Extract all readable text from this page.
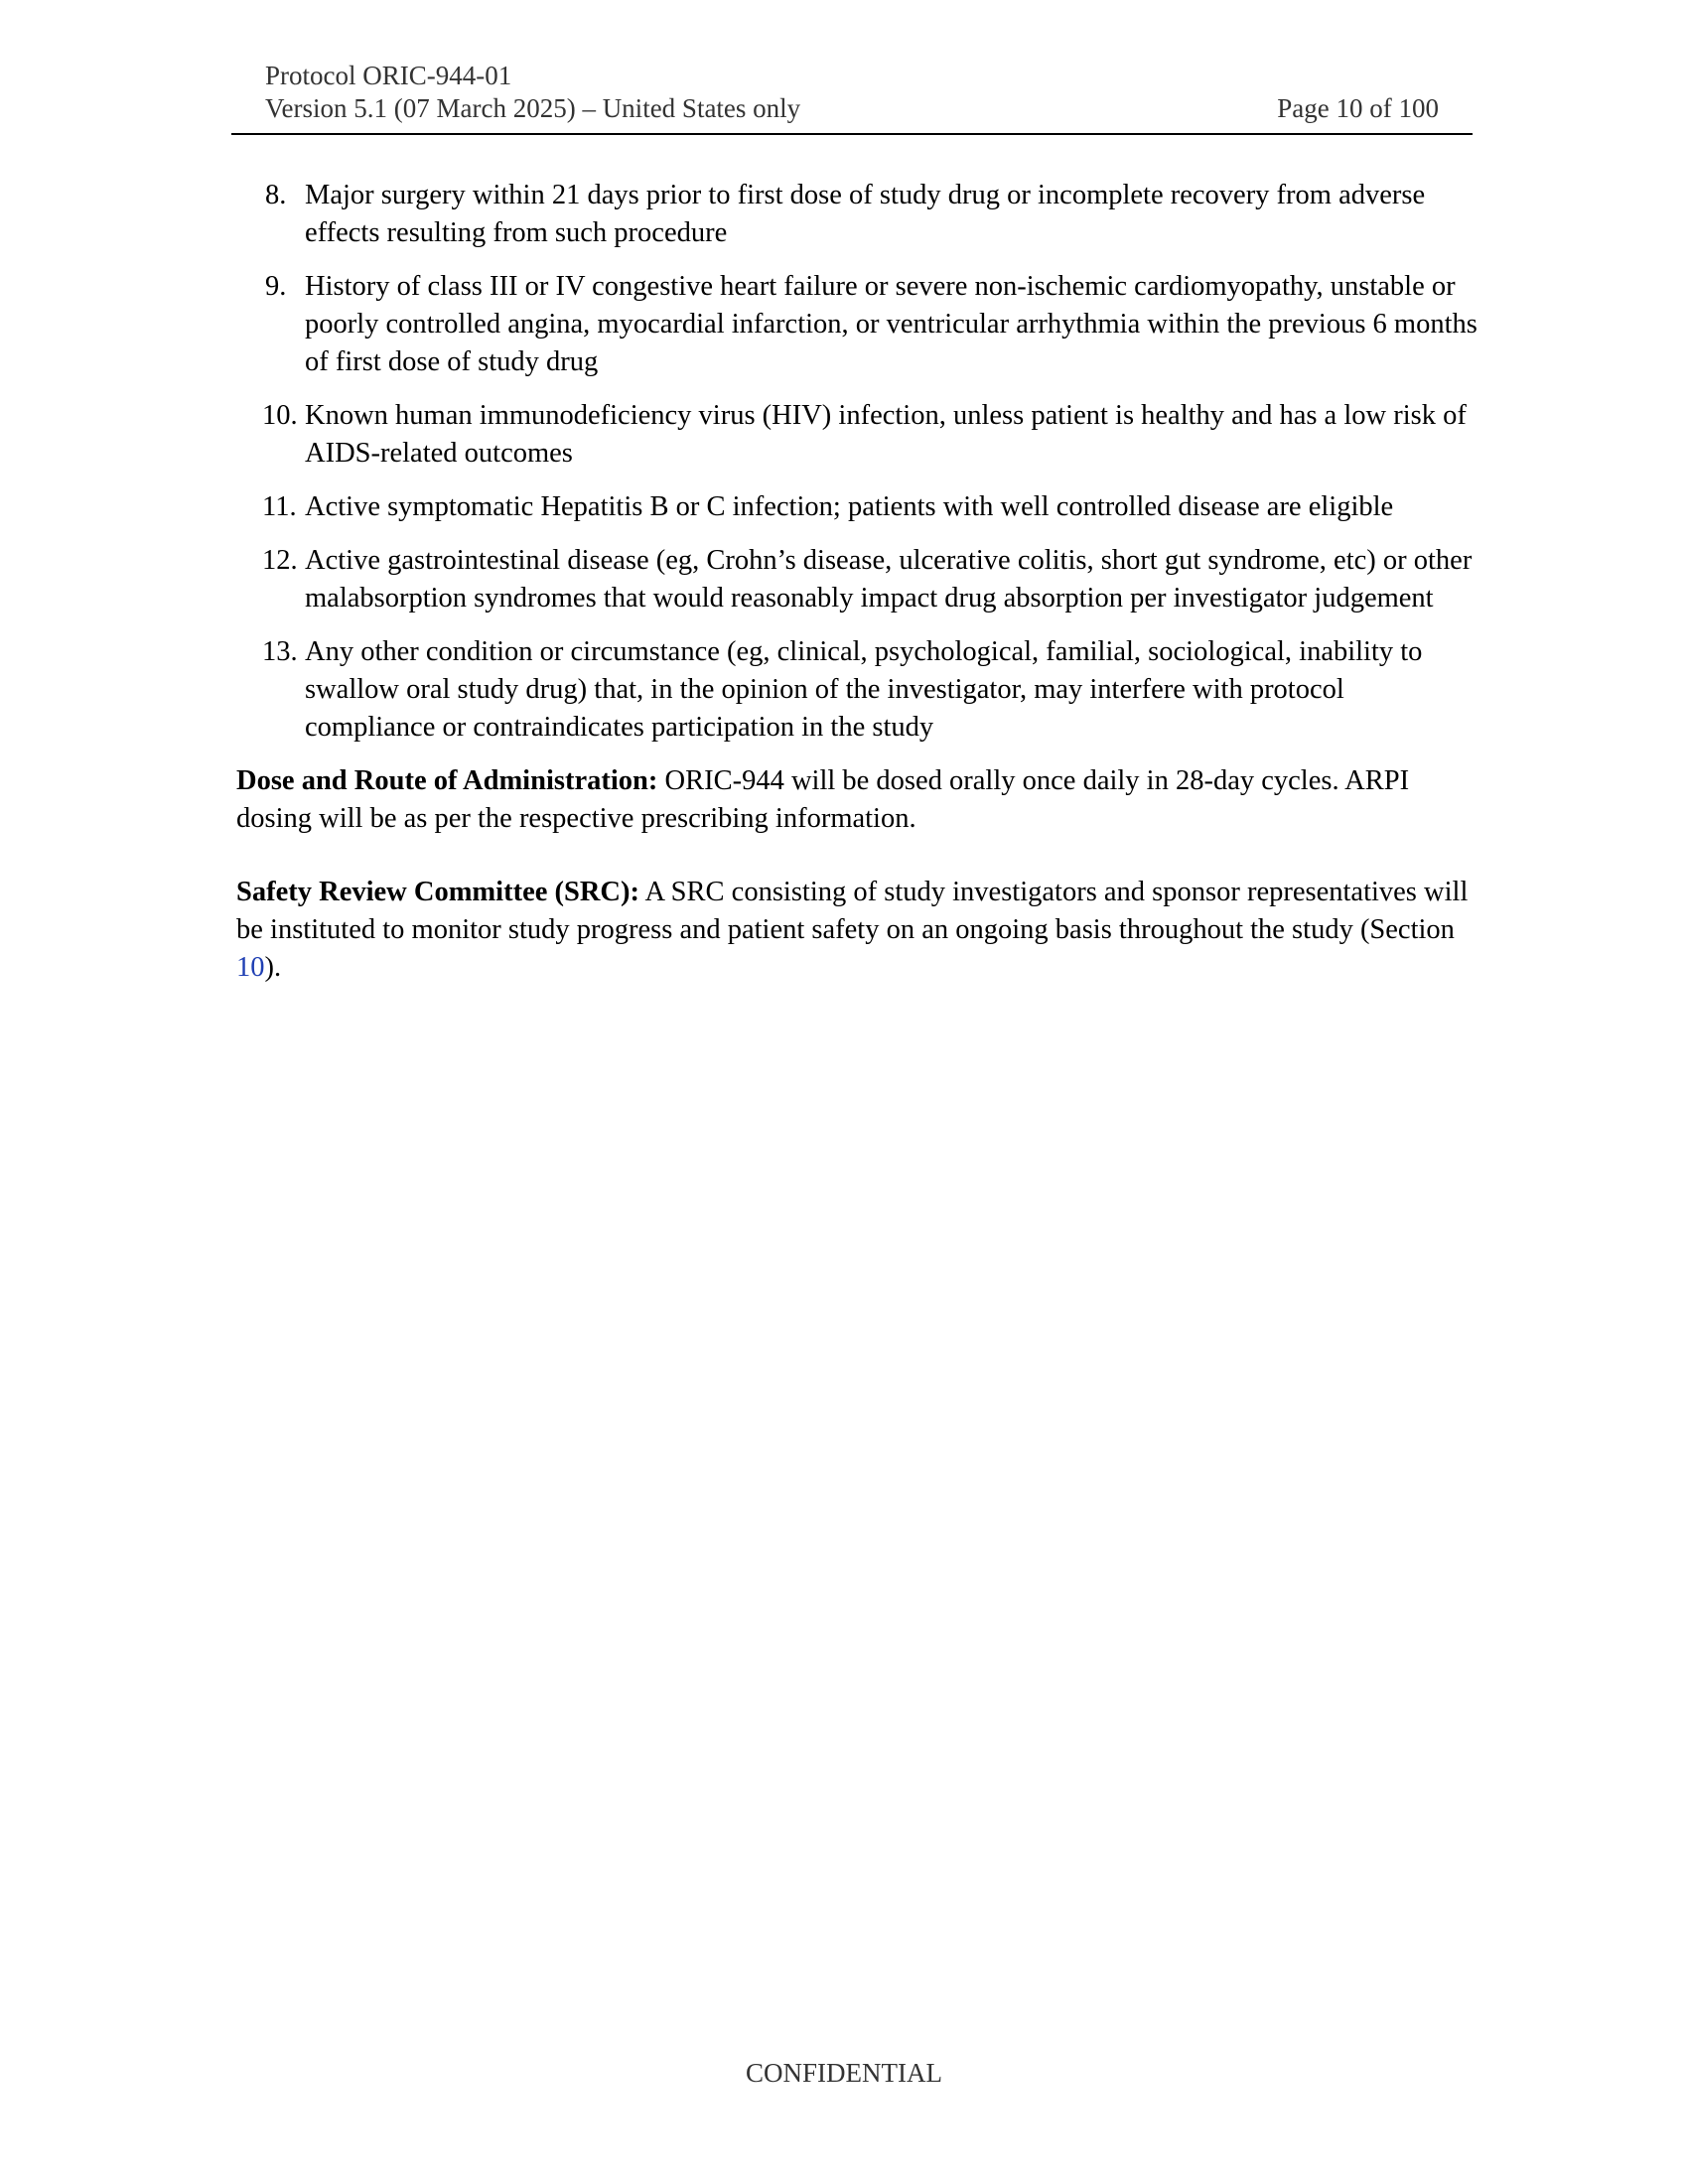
Protocol ORIC-944-01
Version 5.1 (07 March 2025) – United States only	Page 10 of 100
8. Major surgery within 21 days prior to first dose of study drug or incomplete recovery from adverse effects resulting from such procedure
9. History of class III or IV congestive heart failure or severe non-ischemic cardiomyopathy, unstable or poorly controlled angina, myocardial infarction, or ventricular arrhythmia within the previous 6 months of first dose of study drug
10. Known human immunodeficiency virus (HIV) infection, unless patient is healthy and has a low risk of AIDS-related outcomes
11. Active symptomatic Hepatitis B or C infection; patients with well controlled disease are eligible
12. Active gastrointestinal disease (eg, Crohn’s disease, ulcerative colitis, short gut syndrome, etc) or other malabsorption syndromes that would reasonably impact drug absorption per investigator judgement
13. Any other condition or circumstance (eg, clinical, psychological, familial, sociological, inability to swallow oral study drug) that, in the opinion of the investigator, may interfere with protocol compliance or contraindicates participation in the study

Dose and Route of Administration: ORIC-944 will be dosed orally once daily in 28-day cycles. ARPI dosing will be as per the respective prescribing information.

Safety Review Committee (SRC): A SRC consisting of study investigators and sponsor representatives will be instituted to monitor study progress and patient safety on an ongoing basis throughout the study (Section 10).

CONFIDENTIAL
